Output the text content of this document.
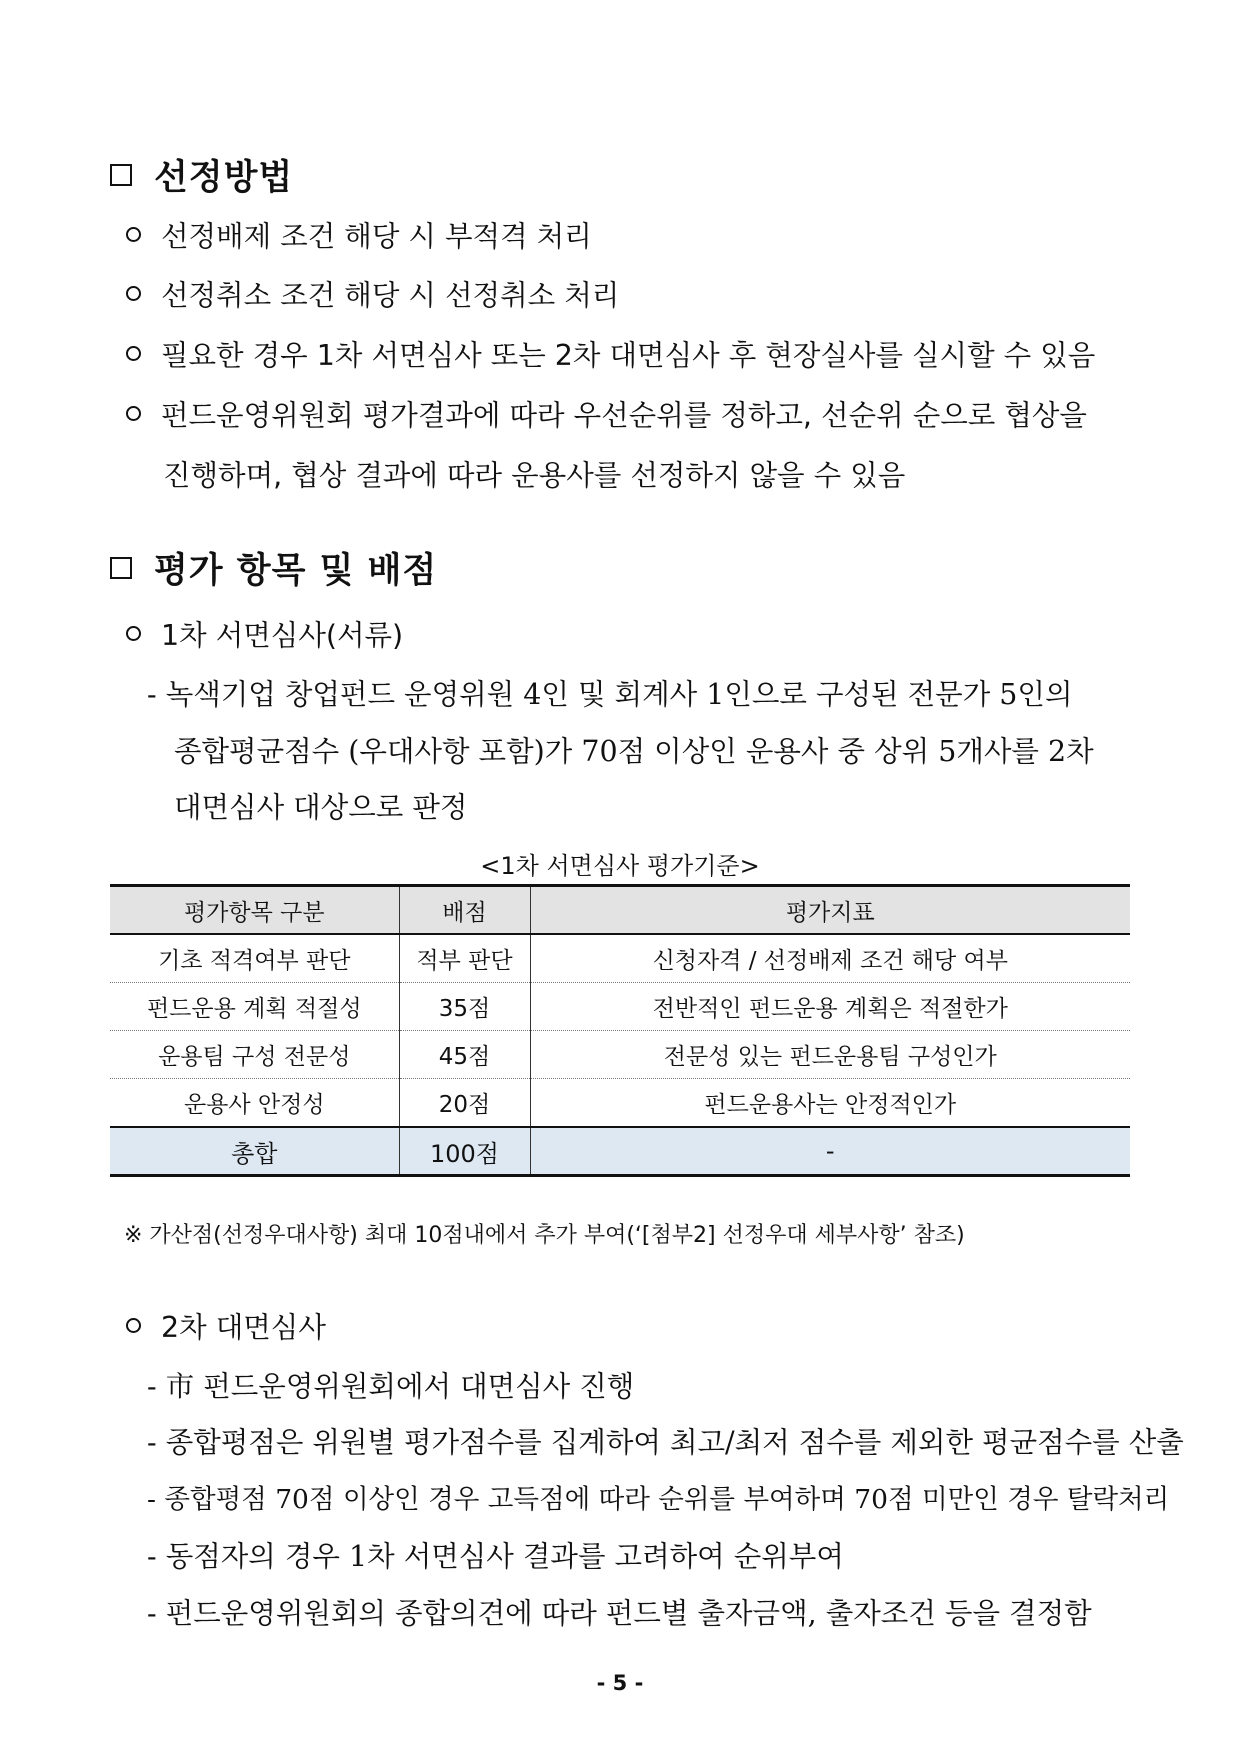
선정방법
선정배제 조건 해당 시 부적격 처리
선정취소 조건 해당 시 선정취소 처리
필요한 경우 1차 서면심사 또는 2차 대면심사 후 현장실사를 실시할 수 있음
펀드운영위원회 평가결과에 따라 우선순위를 정하고, 선순위 순으로 협상을
진행하며, 협상 결과에 따라 운용사를 선정하지 않을 수 있음
평가 항목 및 배점
1차 서면심사(서류)
- 녹색기업 창업펀드 운영위원 4인 및 회계사 1인으로 구성된 전문가 5인의
종합평균점수 (우대사항 포함)가 70점 이상인 운용사 중 상위 5개사를 2차
대면심사 대상으로 판정
<1차 서면심사 평가기준>
평가항목 구분	배점	평가지표
기초 적격여부 판단	적부 판단	신청자격 / 선정배제 조건 해당 여부
펀드운용 계획 적절성	35점	전반적인 펀드운용 계획은 적절한가
운용팀 구성 전문성	45점	전문성 있는 펀드운용팀 구성인가
운용사 안정성	20점	펀드운용사는 안정적인가
총합	100점	-
※ 가산점(선정우대사항) 최대 10점내에서 추가 부여(‘[첨부2] 선정우대 세부사항’ 참조)
2차 대면심사
- 市 펀드운영위원회에서 대면심사 진행
- 종합평점은 위원별 평가점수를 집계하여 최고/최저 점수를 제외한 평균점수를 산출
- 종합평점 70점 이상인 경우 고득점에 따라 순위를 부여하며 70점 미만인 경우 탈락처리
- 동점자의 경우 1차 서면심사 결과를 고려하여 순위부여
- 펀드운영위원회의 종합의견에 따라 펀드별 출자금액, 출자조건 등을 결정함
- 5 -
